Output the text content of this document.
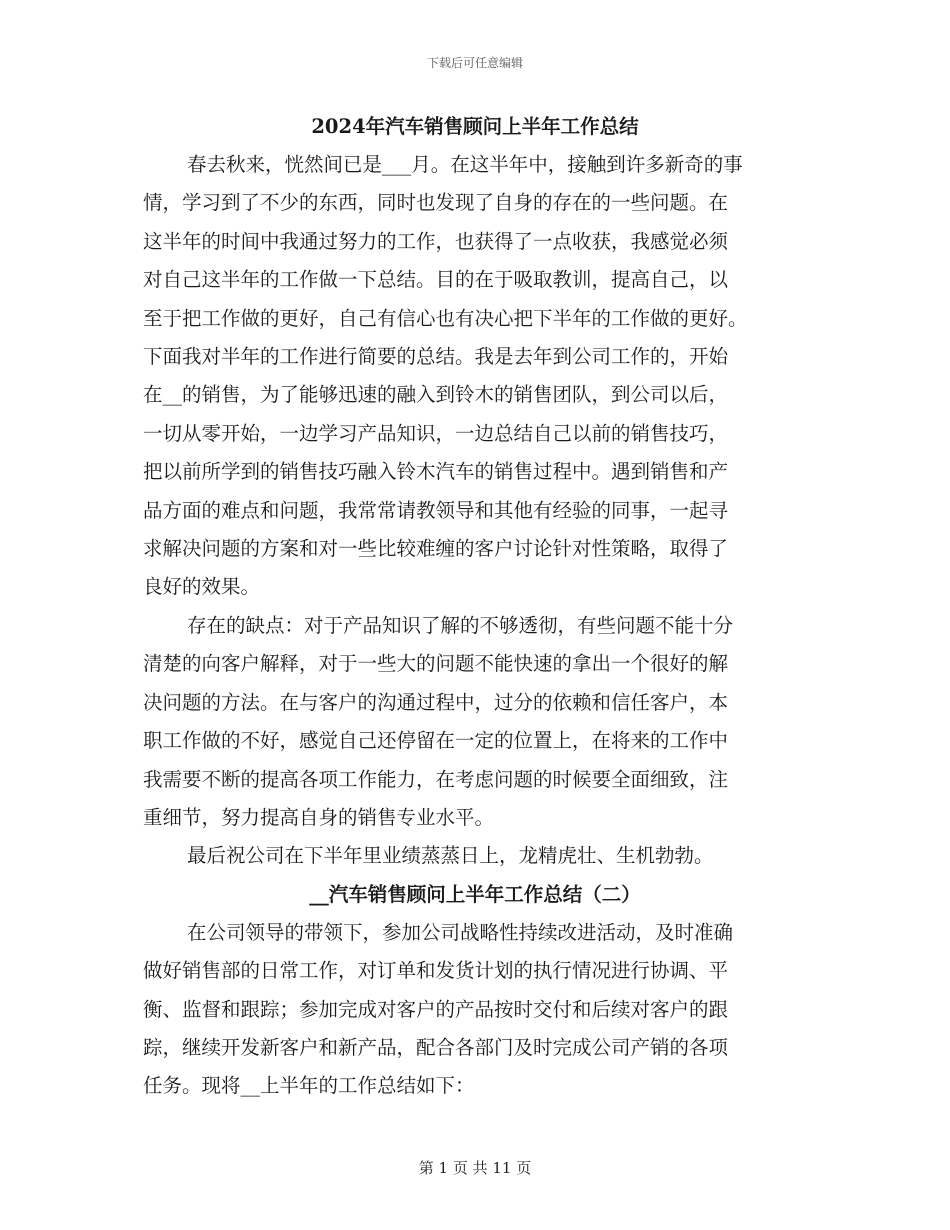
下载后可任意编辑
2024年汽车销售顾问上半年工作总结

春去秋来，恍然间已是___月。在这半年中，接触到许多新奇的事
情，学习到了不少的东西，同时也发现了自身的存在的一些问题。在
这半年的时间中我通过努力的工作，也获得了一点收获，我感觉必须
对自己这半年的工作做一下总结。目的在于吸取教训，提高自己，以
至于把工作做的更好，自己有信心也有决心把下半年的工作做的更好。
下面我对半年的工作进行简要的总结。我是去年到公司工作的，开始
在__的销售，为了能够迅速的融入到铃木的销售团队，到公司以后，
一切从零开始，一边学习产品知识，一边总结自己以前的销售技巧，
把以前所学到的销售技巧融入铃木汽车的销售过程中。遇到销售和产
品方面的难点和问题，我常常请教领导和其他有经验的同事，一起寻
求解决问题的方案和对一些比较难缠的客户讨论针对性策略，取得了
良好的效果。

存在的缺点：对于产品知识了解的不够透彻，有些问题不能十分
清楚的向客户解释，对于一些大的问题不能快速的拿出一个很好的解
决问题的方法。在与客户的沟通过程中，过分的依赖和信任客户，本
职工作做的不好，感觉自己还停留在一定的位置上，在将来的工作中
我需要不断的提高各项工作能力，在考虑问题的时候要全面细致，注
重细节，努力提高自身的销售专业水平。

最后祝公司在下半年里业绩蒸蒸日上，龙精虎壮、生机勃勃。

__汽车销售顾问上半年工作总结（二）

在公司领导的带领下，参加公司战略性持续改进活动，及时准确
做好销售部的日常工作，对订单和发货计划的执行情况进行协调、平
衡、监督和跟踪；参加完成对客户的产品按时交付和后续对客户的跟
踪，继续开发新客户和新产品，配合各部门及时完成公司产销的各项
任务。现将__上半年的工作总结如下：

第 1 页 共 11 页
